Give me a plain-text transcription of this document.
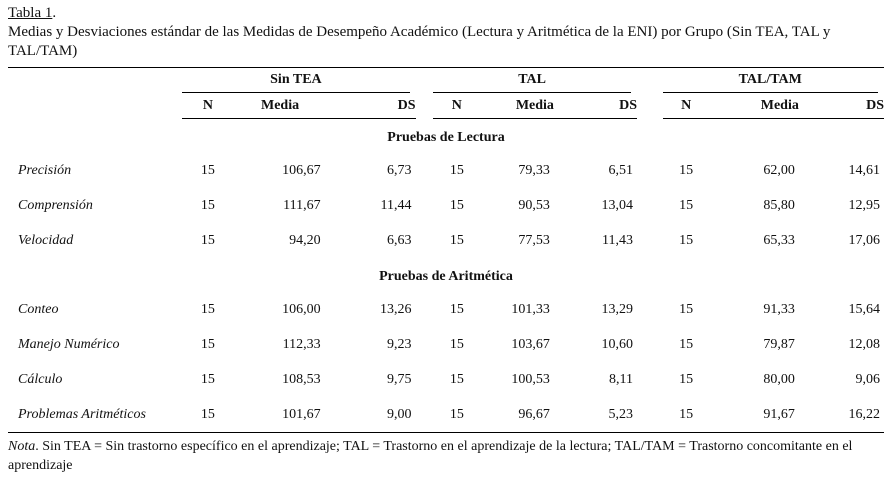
Tabla 1.
Medias y Desviaciones estándar de las Medidas de Desempeño Académico (Lectura y Aritmética de la ENI) por Grupo (Sin TEA, TAL y TAL/TAM)

	Sin TEA				TAL				TAL/TAM		

	N	Media	DS		N	Media	DS		N	Media	DS
Pruebas de Lectura											
Precisión	15	106,67	6,73		15	79,33	6,51		15	62,00	14,61
Comprensión	15	111,67	11,44		15	90,53	13,04		15	85,80	12,95
Velocidad	15	94,20	6,63		15	77,53	11,43		15	65,33	17,06
Pruebas de Aritmética											
Conteo	15	106,00	13,26		15	101,33	13,29		15	91,33	15,64
Manejo Numérico	15	112,33	9,23		15	103,67	10,60		15	79,87	12,08
Cálculo	15	108,53	9,75		15	100,53	8,11		15	80,00	9,06
Problemas Aritméticos	15	101,67	9,00		15	96,67	5,23		15	91,67	16,22
Nota. Sin TEA = Sin trastorno específico en el aprendizaje; TAL = Trastorno en el aprendizaje de la lectura; TAL/TAM = Trastorno concomitante en el aprendizaje
